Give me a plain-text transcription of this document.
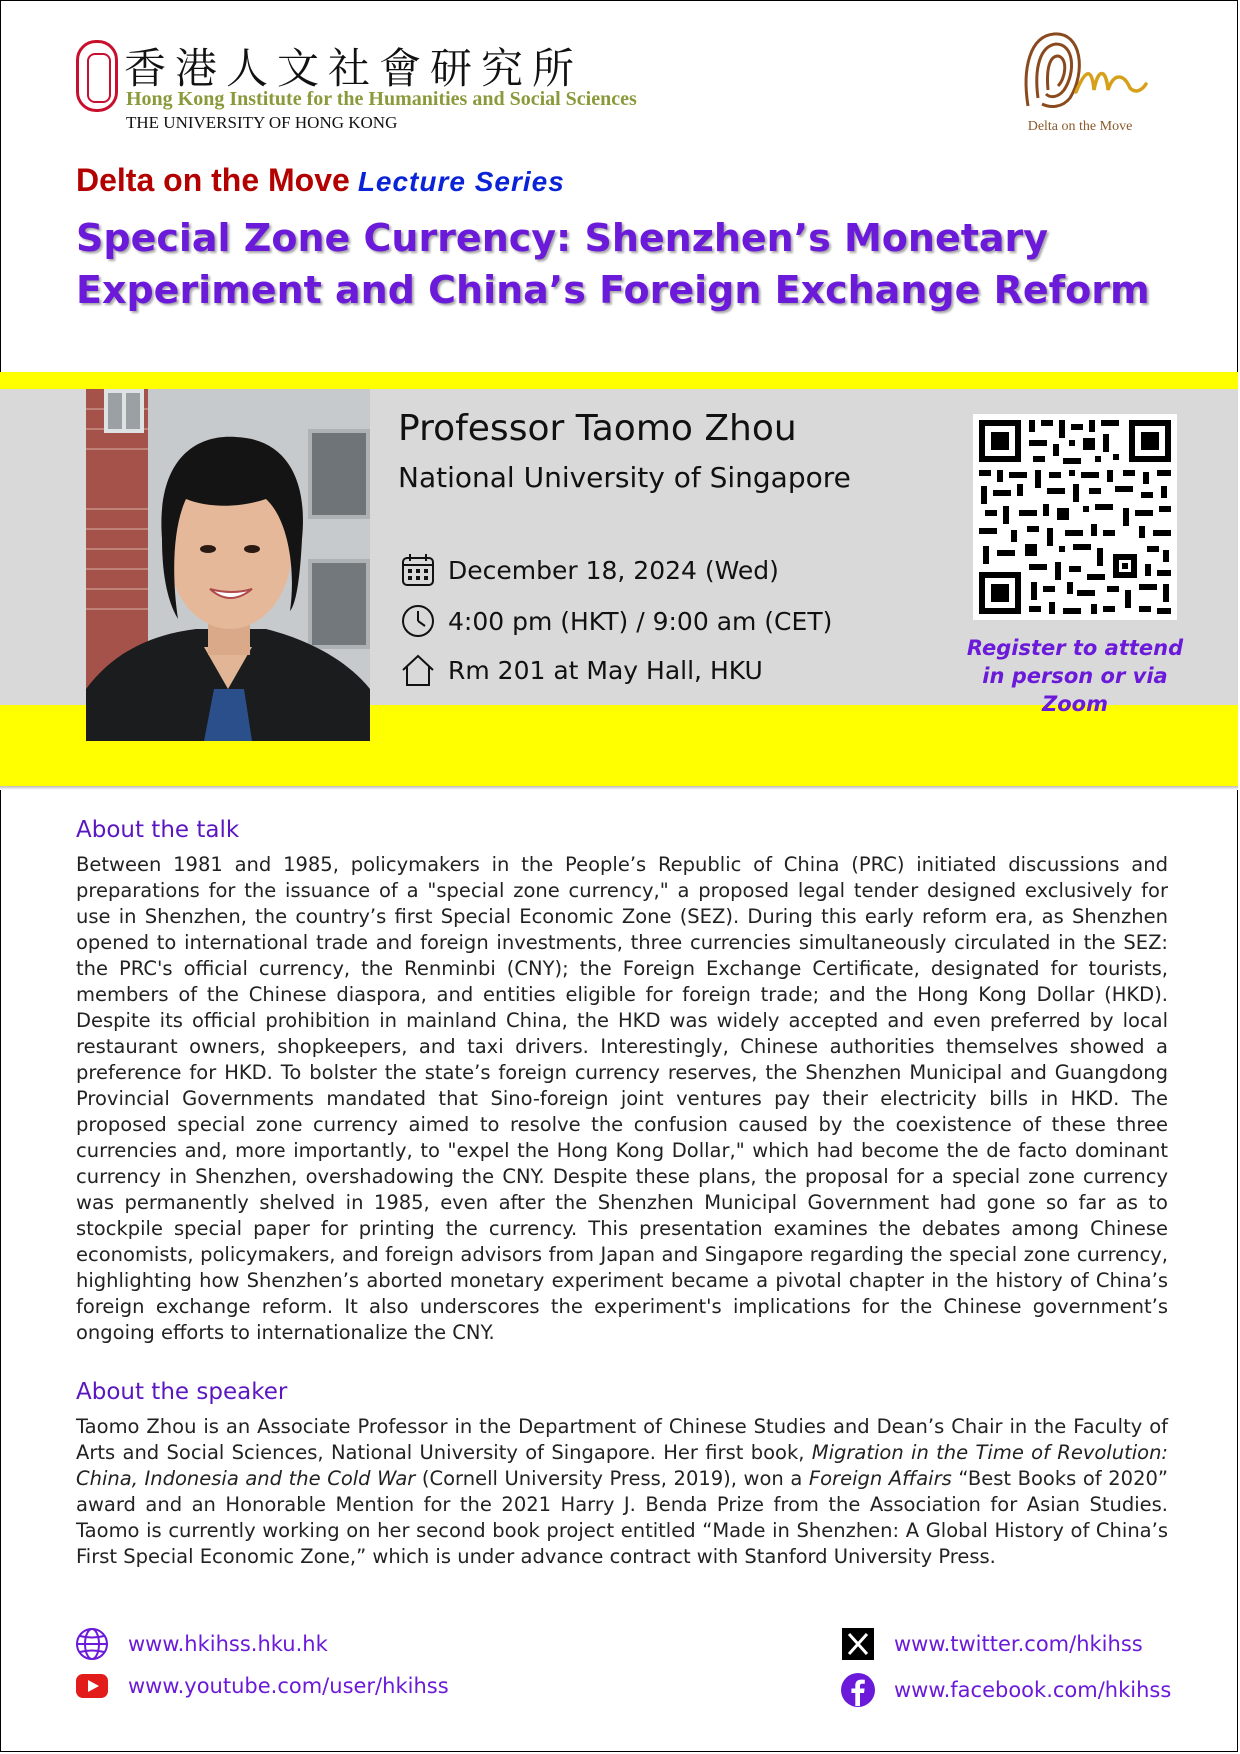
香港人文社會研究所
Hong Kong Institute for the Humanities and Social Sciences
THE UNIVERSITY OF HONG KONG	Delta on the Move
Delta on the Move Lecture Series
Special Zone Currency: Shenzhen’s Monetary
Experiment and China’s Foreign Exchange Reform
Professor Taomo Zhou
National University of Singapore
December 18, 2024 (Wed)
4:00 pm (HKT) / 9:00 am (CET)
Rm 201 at May Hall, HKU
Register to attend
in person or via Zoom
About the talk

Between 1981 and 1985, policymakers in the People’s Republic of China (PRC) initiated discussions and preparations for the issuance of a "special zone currency," a proposed legal tender designed exclusively for use in Shenzhen, the country’s first Special Economic Zone (SEZ). During this early reform era, as Shenzhen opened to international trade and foreign investments, three currencies simultaneously circulated in the SEZ: the PRC's official currency, the Renminbi (CNY); the Foreign Exchange Certificate, designated for tourists, members of the Chinese diaspora, and entities eligible for foreign trade; and the Hong Kong Dollar (HKD). Despite its official prohibition in mainland China, the HKD was widely accepted and even preferred by local restaurant owners, shopkeepers, and taxi drivers. Interestingly, Chinese authorities themselves showed a preference for HKD. To bolster the state’s foreign currency reserves, the Shenzhen Municipal and Guangdong Provincial Governments mandated that Sino-foreign joint ventures pay their electricity bills in HKD. The proposed special zone currency aimed to resolve the confusion caused by the coexistence of these three currencies and, more importantly, to "expel the Hong Kong Dollar," which had become the de facto dominant currency in Shenzhen, overshadowing the CNY. Despite these plans, the proposal for a special zone currency was permanently shelved in 1985, even after the Shenzhen Municipal Government had gone so far as to stockpile special paper for printing the currency. This presentation examines the debates among Chinese economists, policymakers, and foreign advisors from Japan and Singapore regarding the special zone currency, highlighting how Shenzhen’s aborted monetary experiment became a pivotal chapter in the history of China’s foreign exchange reform. It also underscores the experiment's implications for the Chinese government’s ongoing efforts to internationalize the CNY.

About the speaker

Taomo Zhou is an Associate Professor in the Department of Chinese Studies and Dean’s Chair in the Faculty of Arts and Social Sciences, National University of Singapore. Her first book, Migration in the Time of Revolution: China, Indonesia and the Cold War (Cornell University Press, 2019), won a Foreign Affairs “Best Books of 2020” award and an Honorable Mention for the 2021 Harry J. Benda Prize from the Association for Asian Studies. Taomo is currently working on her second book project entitled “Made in Shenzhen: A Global History of China’s First Special Economic Zone,” which is under advance contract with Stanford University Press.

www.hkihss.hku.hk
www.youtube.com/user/hkihss
www.twitter.com/hkihss
www.facebook.com/hkihss
